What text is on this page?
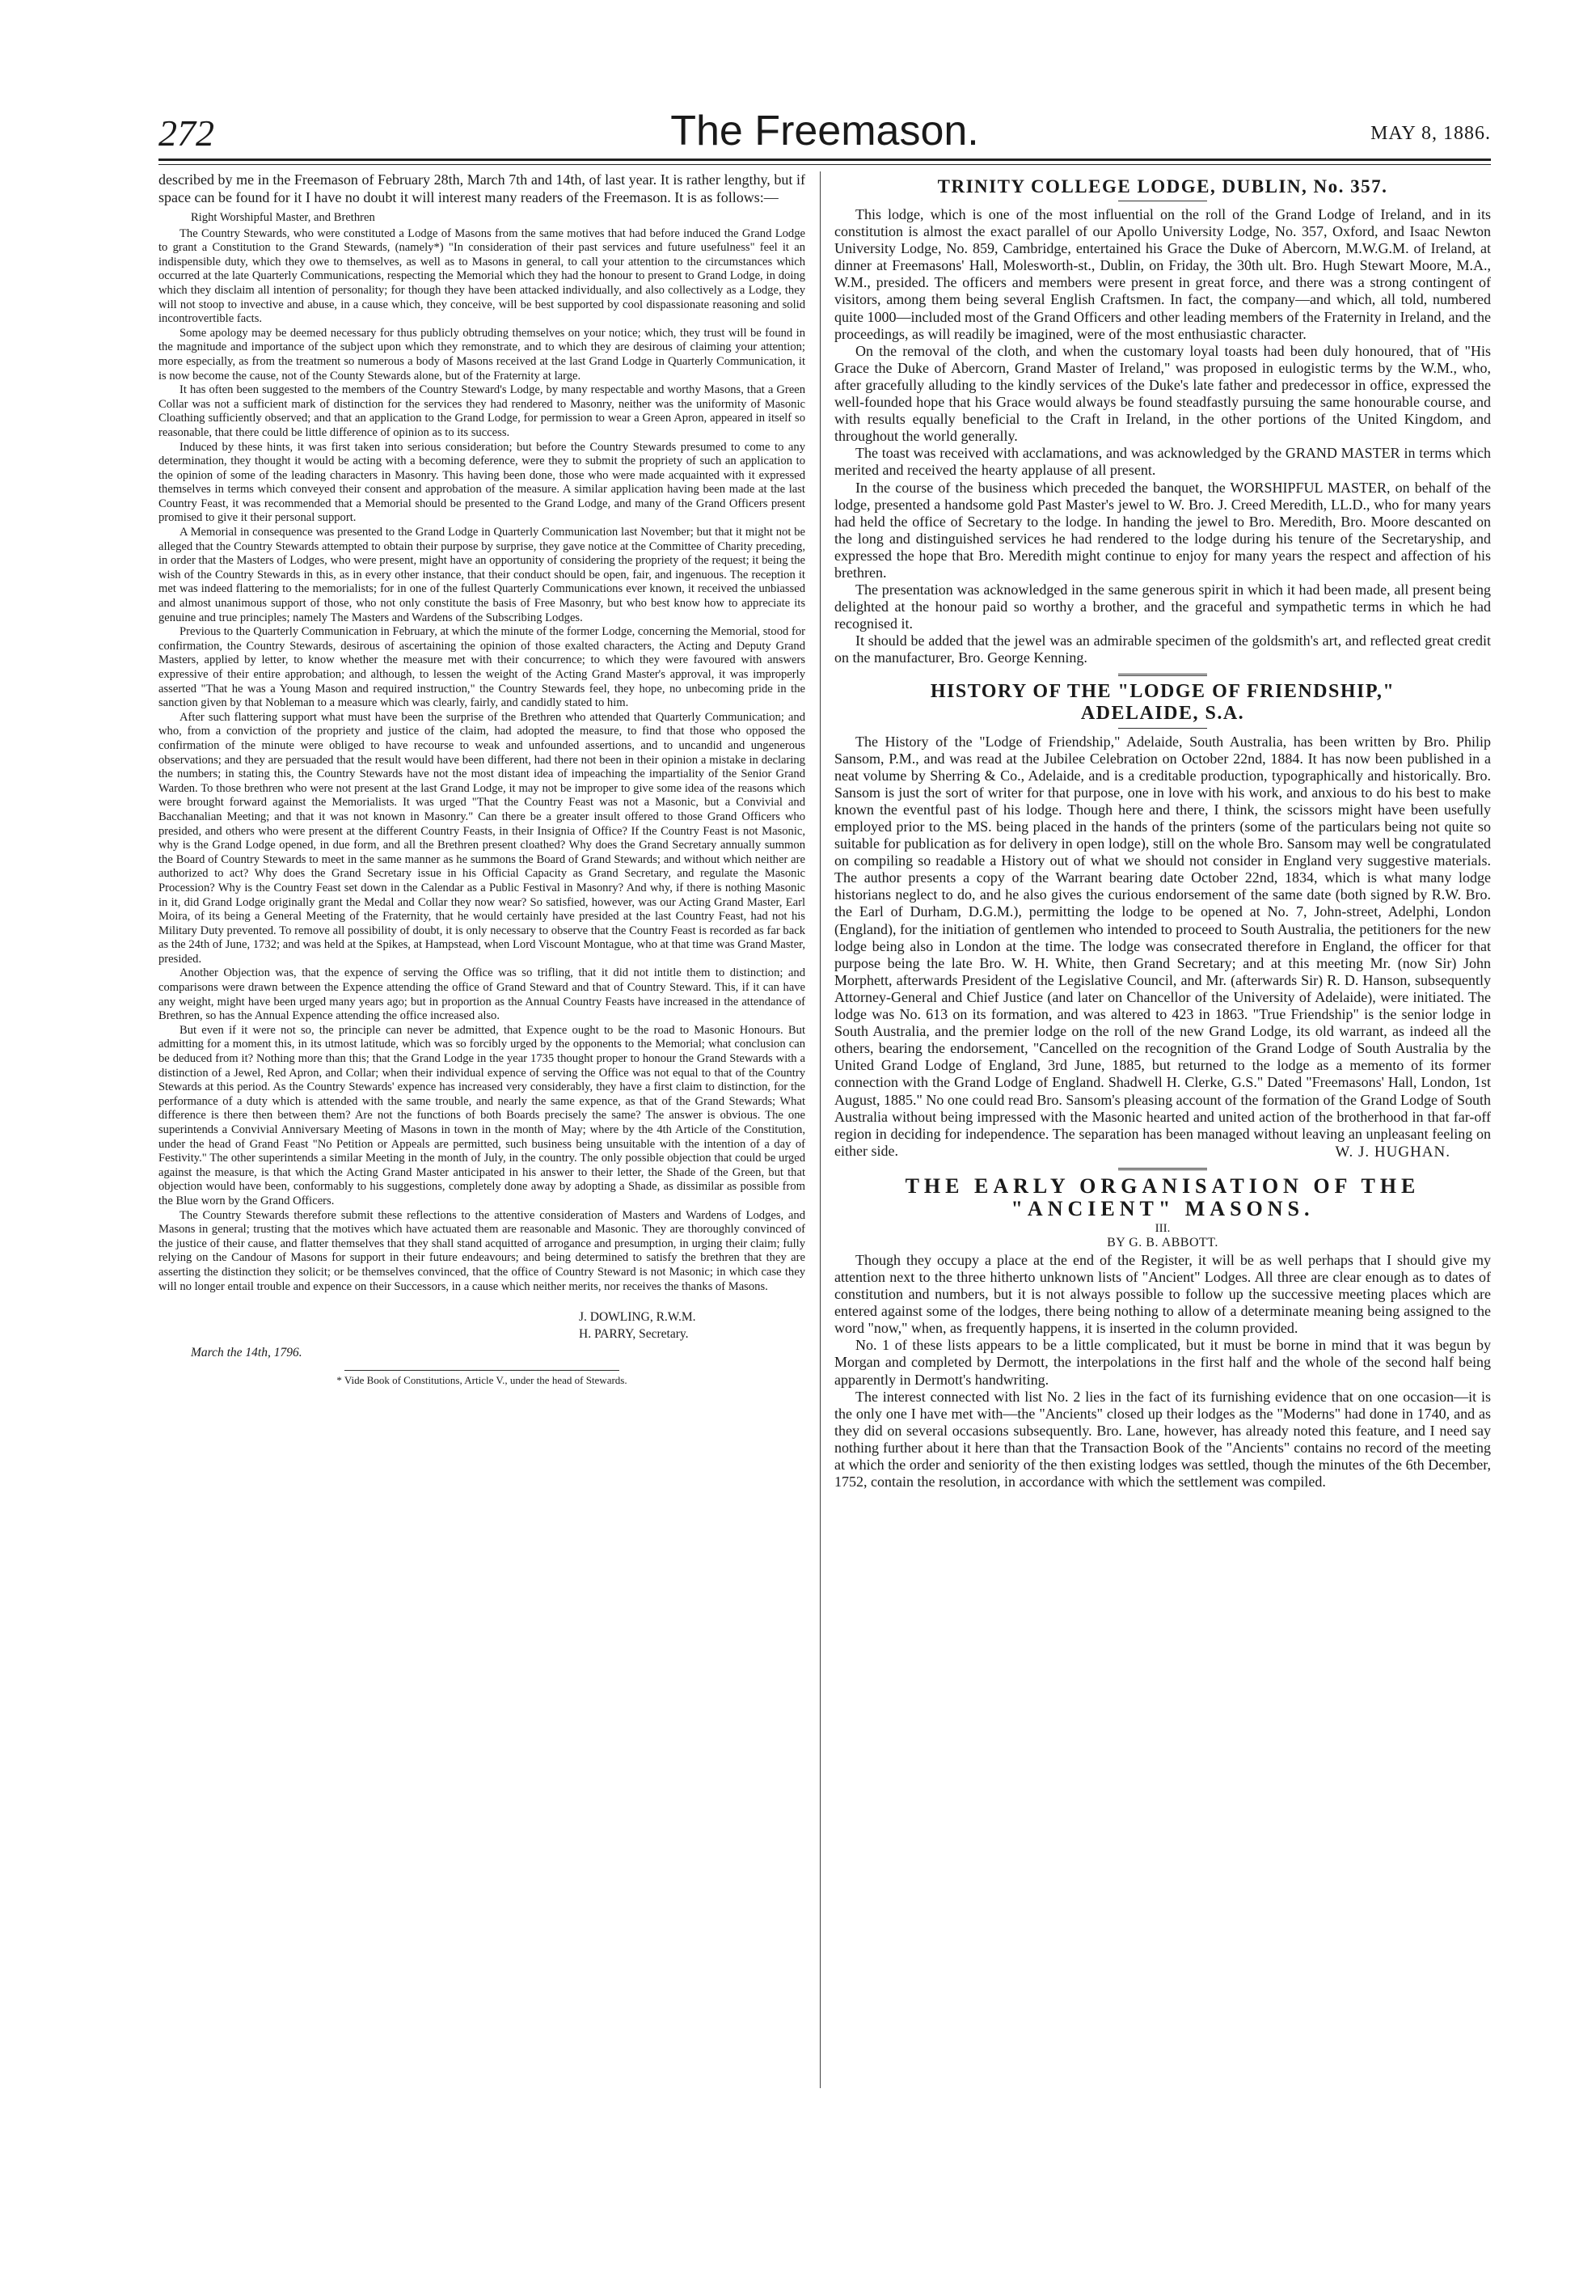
272	The Freemason.	MAY 8, 1886.

described by me in the Freemason of February 28th, March 7th and 14th, of last year. It is rather lengthy, but if space can be found for it I have no doubt it will interest many readers of the Freemason. It is as follows:—

Right Worshipful Master, and Brethren

The Country Stewards, who were constituted a Lodge of Masons from the same motives that had before induced the Grand Lodge to grant a Constitution to the Grand Stewards, (namely*) "In consideration of their past services and future usefulness" feel it an indispensible duty, which they owe to themselves, as well as to Masons in general, to call your attention to the circumstances which occurred at the late Quarterly Communications, respecting the Memorial which they had the honour to present to Grand Lodge, in doing which they disclaim all intention of personality; for though they have been attacked individually, and also collectively as a Lodge, they will not stoop to invective and abuse, in a cause which, they conceive, will be best supported by cool dispassionate reasoning and solid incontrovertible facts.

Some apology may be deemed necessary for thus publicly obtruding themselves on your notice; which, they trust will be found in the magnitude and importance of the subject upon which they remonstrate, and to which they are desirous of claiming your attention; more especially, as from the treatment so numerous a body of Masons received at the last Grand Lodge in Quarterly Communication, it is now become the cause, not of the County Stewards alone, but of the Fraternity at large.

It has often been suggested to the members of the Country Steward's Lodge, by many respectable and worthy Masons, that a Green Collar was not a sufficient mark of distinction for the services they had rendered to Masonry, neither was the uniformity of Masonic Cloathing sufficiently observed; and that an application to the Grand Lodge, for permission to wear a Green Apron, appeared in itself so reasonable, that there could be little difference of opinion as to its success.

Induced by these hints, it was first taken into serious consideration; but before the Country Stewards presumed to come to any determination, they thought it would be acting with a becoming deference, were they to submit the propriety of such an application to the opinion of some of the leading characters in Masonry. This having been done, those who were made acquainted with it expressed themselves in terms which conveyed their consent and approbation of the measure. A similar application having been made at the last Country Feast, it was recommended that a Memorial should be presented to the Grand Lodge, and many of the Grand Officers present promised to give it their personal support.

A Memorial in consequence was presented to the Grand Lodge in Quarterly Communication last November; but that it might not be alleged that the Country Stewards attempted to obtain their purpose by surprise, they gave notice at the Committee of Charity preceding, in order that the Masters of Lodges, who were present, might have an opportunity of considering the propriety of the request; it being the wish of the Country Stewards in this, as in every other instance, that their conduct should be open, fair, and ingenuous. The reception it met was indeed flattering to the memorialists; for in one of the fullest Quarterly Communications ever known, it received the unbiassed and almost unanimous support of those, who not only constitute the basis of Free Masonry, but who best know how to appreciate its genuine and true principles; namely The Masters and Wardens of the Subscribing Lodges.

Previous to the Quarterly Communication in February, at which the minute of the former Lodge, concerning the Memorial, stood for confirmation, the Country Stewards, desirous of ascertaining the opinion of those exalted characters, the Acting and Deputy Grand Masters, applied by letter, to know whether the measure met with their concurrence; to which they were favoured with answers expressive of their entire approbation; and although, to lessen the weight of the Acting Grand Master's approval, it was improperly asserted "That he was a Young Mason and required instruction," the Country Stewards feel, they hope, no unbecoming pride in the sanction given by that Nobleman to a measure which was clearly, fairly, and candidly stated to him.

After such flattering support what must have been the surprise of the Brethren who attended that Quarterly Communication; and who, from a conviction of the propriety and justice of the claim, had adopted the measure, to find that those who opposed the confirmation of the minute were obliged to have recourse to weak and unfounded assertions, and to uncandid and ungenerous observations; and they are persuaded that the result would have been different, had there not been in their opinion a mistake in declaring the numbers; in stating this, the Country Stewards have not the most distant idea of impeaching the impartiality of the Senior Grand Warden. To those brethren who were not present at the last Grand Lodge, it may not be improper to give some idea of the reasons which were brought forward against the Memorialists. It was urged "That the Country Feast was not a Masonic, but a Convivial and Bacchanalian Meeting; and that it was not known in Masonry." Can there be a greater insult offered to those Grand Officers who presided, and others who were present at the different Country Feasts, in their Insignia of Office? If the Country Feast is not Masonic, why is the Grand Lodge opened, in due form, and all the Brethren present cloathed? Why does the Grand Secretary annually summon the Board of Country Stewards to meet in the same manner as he summons the Board of Grand Stewards; and without which neither are authorized to act? Why does the Grand Secretary issue in his Official Capacity as Grand Secretary, and regulate the Masonic Procession? Why is the Country Feast set down in the Calendar as a Public Festival in Masonry? And why, if there is nothing Masonic in it, did Grand Lodge originally grant the Medal and Collar they now wear? So satisfied, however, was our Acting Grand Master, Earl Moira, of its being a General Meeting of the Fraternity, that he would certainly have presided at the last Country Feast, had not his Military Duty prevented. To remove all possibility of doubt, it is only necessary to observe that the Country Feast is recorded as far back as the 24th of June, 1732; and was held at the Spikes, at Hampstead, when Lord Viscount Montague, who at that time was Grand Master, presided.

Another Objection was, that the expence of serving the Office was so trifling, that it did not intitle them to distinction; and comparisons were drawn between the Expence attending the office of Grand Steward and that of Country Steward. This, if it can have any weight, might have been urged many years ago; but in proportion as the Annual Country Feasts have increased in the attendance of Brethren, so has the Annual Expence attending the office increased also.

But even if it were not so, the principle can never be admitted, that Expence ought to be the road to Masonic Honours. But admitting for a moment this, in its utmost latitude, which was so forcibly urged by the opponents to the Memorial; what conclusion can be deduced from it? Nothing more than this; that the Grand Lodge in the year 1735 thought proper to honour the Grand Stewards with a distinction of a Jewel, Red Apron, and Collar; when their individual expence of serving the Office was not equal to that of the Country Stewards at this period. As the Country Stewards' expence has increased very considerably, they have a first claim to distinction, for the performance of a duty which is attended with the same trouble, and nearly the same expence, as that of the Grand Stewards; What difference is there then between them? Are not the functions of both Boards precisely the same? The answer is obvious. The one superintends a Convivial Anniversary Meeting of Masons in town in the month of May; where by the 4th Article of the Constitution, under the head of Grand Feast "No Petition or Appeals are permitted, such business being unsuitable with the intention of a day of Festivity." The other superintends a similar Meeting in the month of July, in the country. The only possible objection that could be urged against the measure, is that which the Acting Grand Master anticipated in his answer to their letter, the Shade of the Green, but that objection would have been, conformably to his suggestions, completely done away by adopting a Shade, as dissimilar as possible from the Blue worn by the Grand Officers.

The Country Stewards therefore submit these reflections to the attentive consideration of Masters and Wardens of Lodges, and Masons in general; trusting that the motives which have actuated them are reasonable and Masonic. They are thoroughly convinced of the justice of their cause, and flatter themselves that they shall stand acquitted of arrogance and presumption, in urging their claim; fully relying on the Candour of Masons for support in their future endeavours; and being determined to satisfy the brethren that they are asserting the distinction they solicit; or be themselves convinced, that the office of Country Steward is not Masonic; in which case they will no longer entail trouble and expence on their Successors, in a cause which neither merits, nor receives the thanks of Masons.

J. DOWLING, R.W.M.
H. PARRY, Secretary.
March the 14th, 1796.
* Vide Book of Constitutions, Article V., under the head of Stewards.
TRINITY COLLEGE LODGE, DUBLIN, No. 357.

This lodge, which is one of the most influential on the roll of the Grand Lodge of Ireland, and in its constitution is almost the exact parallel of our Apollo University Lodge, No. 357, Oxford, and Isaac Newton University Lodge, No. 859, Cambridge, entertained his Grace the Duke of Abercorn, M.W.G.M. of Ireland, at dinner at Freemasons' Hall, Molesworth-st., Dublin, on Friday, the 30th ult. Bro. Hugh Stewart Moore, M.A., W.M., presided. The officers and members were present in great force, and there was a strong contingent of visitors, among them being several English Craftsmen. In fact, the company—and which, all told, numbered quite 1000—included most of the Grand Officers and other leading members of the Fraternity in Ireland, and the proceedings, as will readily be imagined, were of the most enthusiastic character.

On the removal of the cloth, and when the customary loyal toasts had been duly honoured, that of "His Grace the Duke of Abercorn, Grand Master of Ireland," was proposed in eulogistic terms by the W.M., who, after gracefully alluding to the kindly services of the Duke's late father and predecessor in office, expressed the well-founded hope that his Grace would always be found steadfastly pursuing the same honourable course, and with results equally beneficial to the Craft in Ireland, in the other portions of the United Kingdom, and throughout the world generally.

The toast was received with acclamations, and was acknowledged by the GRAND MASTER in terms which merited and received the hearty applause of all present.

In the course of the business which preceded the banquet, the WORSHIPFUL MASTER, on behalf of the lodge, presented a handsome gold Past Master's jewel to W. Bro. J. Creed Meredith, LL.D., who for many years had held the office of Secretary to the lodge. In handing the jewel to Bro. Meredith, Bro. Moore descanted on the long and distinguished services he had rendered to the lodge during his tenure of the Secretaryship, and expressed the hope that Bro. Meredith might continue to enjoy for many years the respect and affection of his brethren.

The presentation was acknowledged in the same generous spirit in which it had been made, all present being delighted at the honour paid so worthy a brother, and the graceful and sympathetic terms in which he had recognised it.

It should be added that the jewel was an admirable specimen of the goldsmith's art, and reflected great credit on the manufacturer, Bro. George Kenning.

HISTORY OF THE "LODGE OF FRIENDSHIP,"
ADELAIDE, S.A.

The History of the "Lodge of Friendship," Adelaide, South Australia, has been written by Bro. Philip Sansom, P.M., and was read at the Jubilee Celebration on October 22nd, 1884. It has now been published in a neat volume by Sherring & Co., Adelaide, and is a creditable production, typographically and historically. Bro. Sansom is just the sort of writer for that purpose, one in love with his work, and anxious to do his best to make known the eventful past of his lodge. Though here and there, I think, the scissors might have been usefully employed prior to the MS. being placed in the hands of the printers (some of the particulars being not quite so suitable for publication as for delivery in open lodge), still on the whole Bro. Sansom may well be congratulated on compiling so readable a History out of what we should not consider in England very suggestive materials. The author presents a copy of the Warrant bearing date October 22nd, 1834, which is what many lodge historians neglect to do, and he also gives the curious endorsement of the same date (both signed by R.W. Bro. the Earl of Durham, D.G.M.), permitting the lodge to be opened at No. 7, John-street, Adelphi, London (England), for the initiation of gentlemen who intended to proceed to South Australia, the petitioners for the new lodge being also in London at the time. The lodge was consecrated therefore in England, the officer for that purpose being the late Bro. W. H. White, then Grand Secretary; and at this meeting Mr. (now Sir) John Morphett, afterwards President of the Legislative Council, and Mr. (afterwards Sir) R. D. Hanson, subsequently Attorney-General and Chief Justice (and later on Chancellor of the University of Adelaide), were initiated. The lodge was No. 613 on its formation, and was altered to 423 in 1863. "True Friendship" is the senior lodge in South Australia, and the premier lodge on the roll of the new Grand Lodge, its old warrant, as indeed all the others, bearing the endorsement, "Cancelled on the recognition of the Grand Lodge of South Australia by the United Grand Lodge of England, 3rd June, 1885, but returned to the lodge as a memento of its former connection with the Grand Lodge of England. Shadwell H. Clerke, G.S." Dated "Freemasons' Hall, London, 1st August, 1885." No one could read Bro. Sansom's pleasing account of the formation of the Grand Lodge of South Australia without being impressed with the Masonic hearted and united action of the brotherhood in that far-off region in deciding for independence. The separation has been managed without leaving an unpleasant feeling on either side.	W. J. HUGHAN.
THE EARLY ORGANISATION OF THE
"ANCIENT" MASONS.
III.
BY G. B. ABBOTT.

Though they occupy a place at the end of the Register, it will be as well perhaps that I should give my attention next to the three hitherto unknown lists of "Ancient" Lodges. All three are clear enough as to dates of constitution and numbers, but it is not always possible to follow up the successive meeting places which are entered against some of the lodges, there being nothing to allow of a determinate meaning being assigned to the word "now," when, as frequently happens, it is inserted in the column provided.

No. 1 of these lists appears to be a little complicated, but it must be borne in mind that it was begun by Morgan and completed by Dermott, the interpolations in the first half and the whole of the second half being apparently in Dermott's handwriting.

The interest connected with list No. 2 lies in the fact of its furnishing evidence that on one occasion—it is the only one I have met with—the "Ancients" closed up their lodges as the "Moderns" had done in 1740, and as they did on several occasions subsequently. Bro. Lane, however, has already noted this feature, and I need say nothing further about it here than that the Transaction Book of the "Ancients" contains no record of the meeting at which the order and seniority of the then existing lodges was settled, though the minutes of the 6th December, 1752, contain the resolution, in accordance with which the settlement was compiled.
